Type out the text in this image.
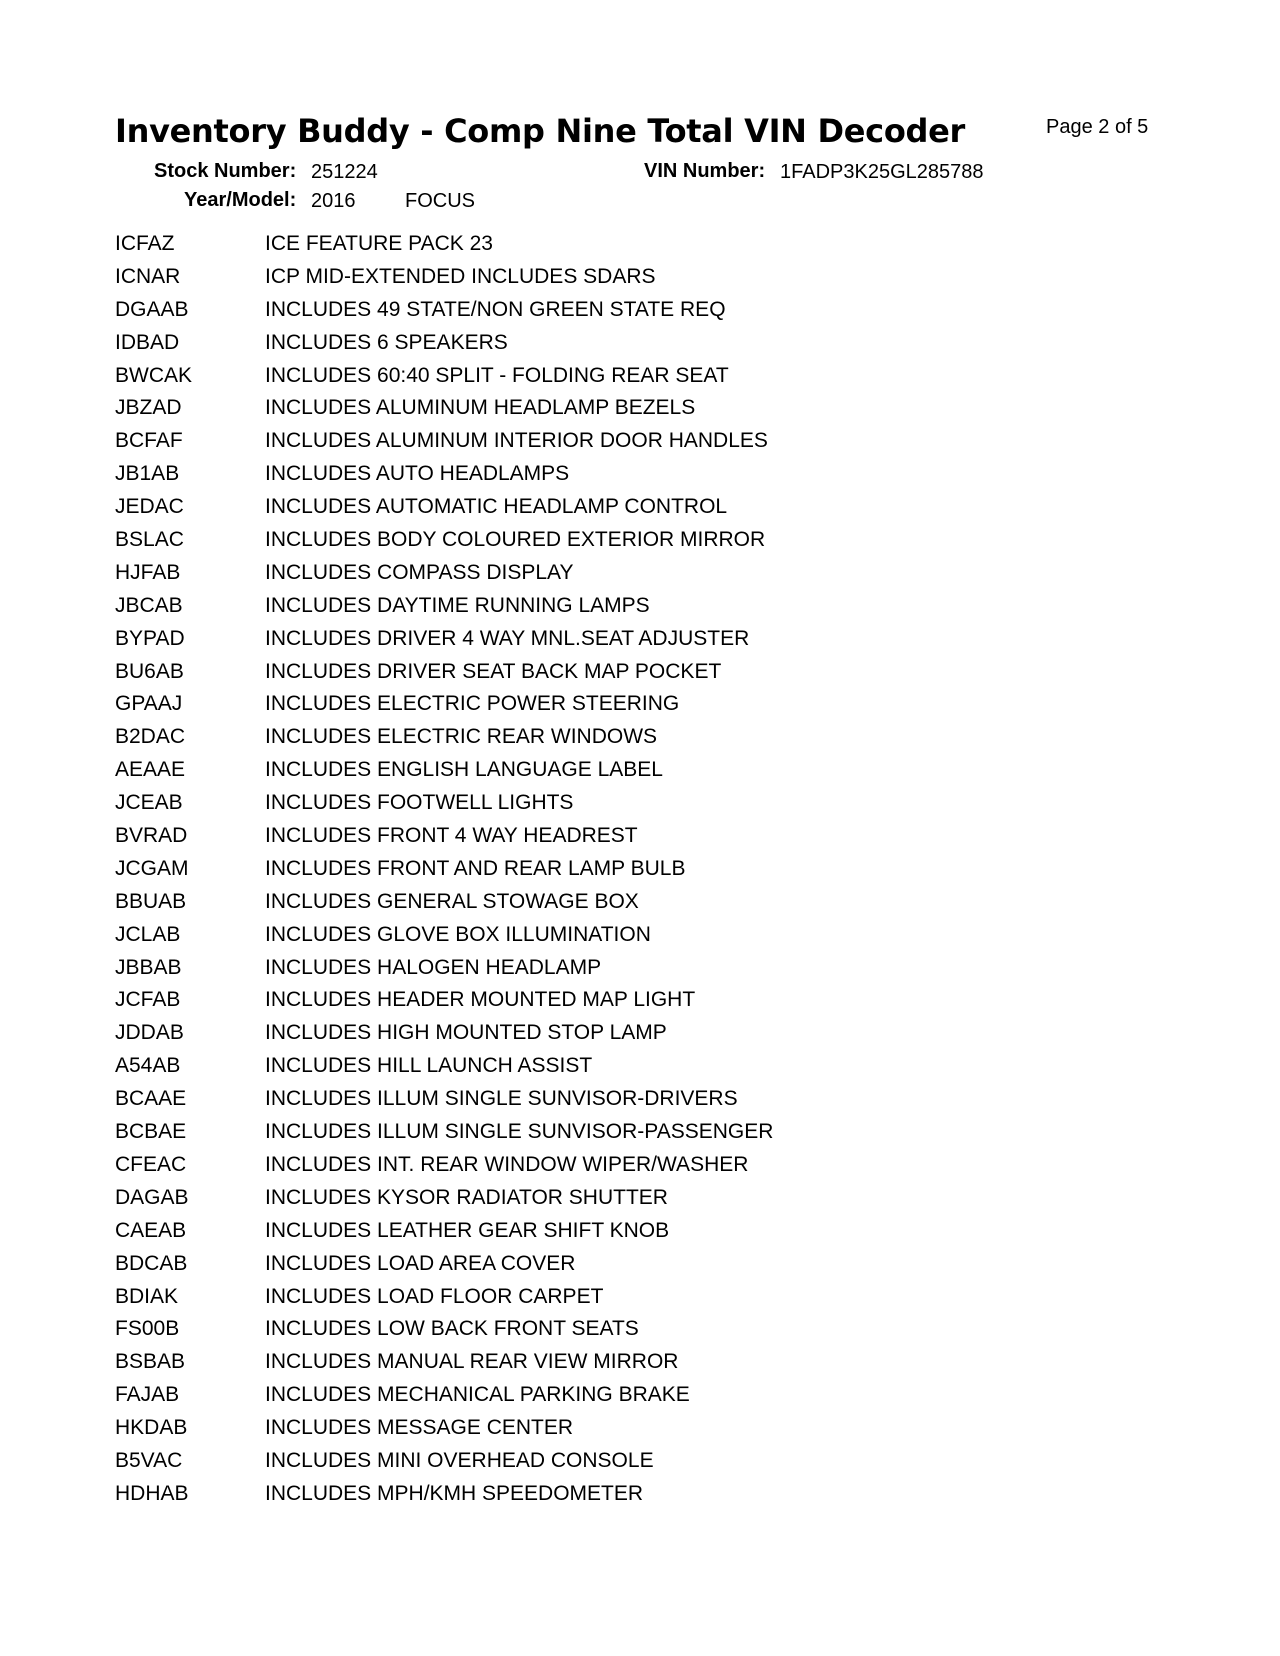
Inventory Buddy - Comp Nine Total VIN Decoder	Page 2 of 5
Stock Number: 251224	VIN Number: 1FADP3K25GL285788
Year/Model: 2016 FOCUS
ICFAZ	ICE FEATURE PACK 23
ICNAR	ICP MID-EXTENDED INCLUDES SDARS
DGAAB	INCLUDES 49 STATE/NON GREEN STATE REQ
IDBAD	INCLUDES 6 SPEAKERS
BWCAK	INCLUDES 60:40 SPLIT - FOLDING REAR SEAT
JBZAD	INCLUDES ALUMINUM HEADLAMP BEZELS
BCFAF	INCLUDES ALUMINUM INTERIOR DOOR HANDLES
JB1AB	INCLUDES AUTO HEADLAMPS
JEDAC	INCLUDES AUTOMATIC HEADLAMP CONTROL
BSLAC	INCLUDES BODY COLOURED EXTERIOR MIRROR
HJFAB	INCLUDES COMPASS DISPLAY
JBCAB	INCLUDES DAYTIME RUNNING LAMPS
BYPAD	INCLUDES DRIVER 4 WAY MNL.SEAT ADJUSTER
BU6AB	INCLUDES DRIVER SEAT BACK MAP POCKET
GPAAJ	INCLUDES ELECTRIC POWER STEERING
B2DAC	INCLUDES ELECTRIC REAR WINDOWS
AEAAE	INCLUDES ENGLISH LANGUAGE LABEL
JCEAB	INCLUDES FOOTWELL LIGHTS
BVRAD	INCLUDES FRONT 4 WAY HEADREST
JCGAM	INCLUDES FRONT AND REAR LAMP BULB
BBUAB	INCLUDES GENERAL STOWAGE BOX
JCLAB	INCLUDES GLOVE BOX ILLUMINATION
JBBAB	INCLUDES HALOGEN HEADLAMP
JCFAB	INCLUDES HEADER MOUNTED MAP LIGHT
JDDAB	INCLUDES HIGH MOUNTED STOP LAMP
A54AB	INCLUDES HILL LAUNCH ASSIST
BCAAE	INCLUDES ILLUM SINGLE SUNVISOR-DRIVERS
BCBAE	INCLUDES ILLUM SINGLE SUNVISOR-PASSENGER
CFEAC	INCLUDES INT. REAR WINDOW WIPER/WASHER
DAGAB	INCLUDES KYSOR RADIATOR SHUTTER
CAEAB	INCLUDES LEATHER GEAR SHIFT KNOB
BDCAB	INCLUDES LOAD AREA COVER
BDIAK	INCLUDES LOAD FLOOR CARPET
FS00B	INCLUDES LOW BACK FRONT SEATS
BSBAB	INCLUDES MANUAL REAR VIEW MIRROR
FAJAB	INCLUDES MECHANICAL PARKING BRAKE
HKDAB	INCLUDES MESSAGE CENTER
B5VAC	INCLUDES MINI OVERHEAD CONSOLE
HDHAB	INCLUDES MPH/KMH SPEEDOMETER
